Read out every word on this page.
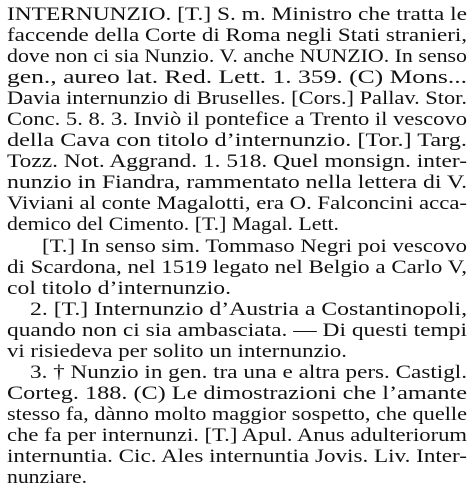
INTERNUNZIO. [T.] S. m. Ministro che tratta le
faccende della Corte di Roma negli Stati stranieri,
dove non ci sia Nunzio. V. anche NUNZIO. In senso
gen., aureo lat. Red. Lett. 1. 359. (C) Mons...
Davia internunzio di Bruselles. [Cors.] Pallav. Stor.
Conc. 5. 8. 3. Inviò il pontefice a Trento il vescovo
della Cava con titolo d’internunzio. [Tor.] Targ.
Tozz. Not. Aggrand. 1. 518. Quel monsign. inter-
nunzio in Fiandra, rammentato nella lettera di V.
Viviani al conte Magalotti, era O. Falconcini acca-
demico del Cimento. [T.] Magal. Lett.
[T.] In senso sim. Tommaso Negri poi vescovo
di Scardona, nel 1519 legato nel Belgio a Carlo V,
col titolo d’internunzio.
2. [T.] Internunzio d’Austria a Costantinopoli,
quando non ci sia ambasciata. — Di questi tempi
vi risiedeva per solito un internunzio.
3. † Nunzio in gen. tra una e altra pers. Castigl.
Corteg. 188. (C) Le dimostrazioni che l’amante
stesso fa, dànno molto maggior sospetto, che quelle
che fa per internunzi. [T.] Apul. Anus adulteriorum
internuntia. Cic. Ales internuntia Jovis. Liv. Inter-
nunziare.
